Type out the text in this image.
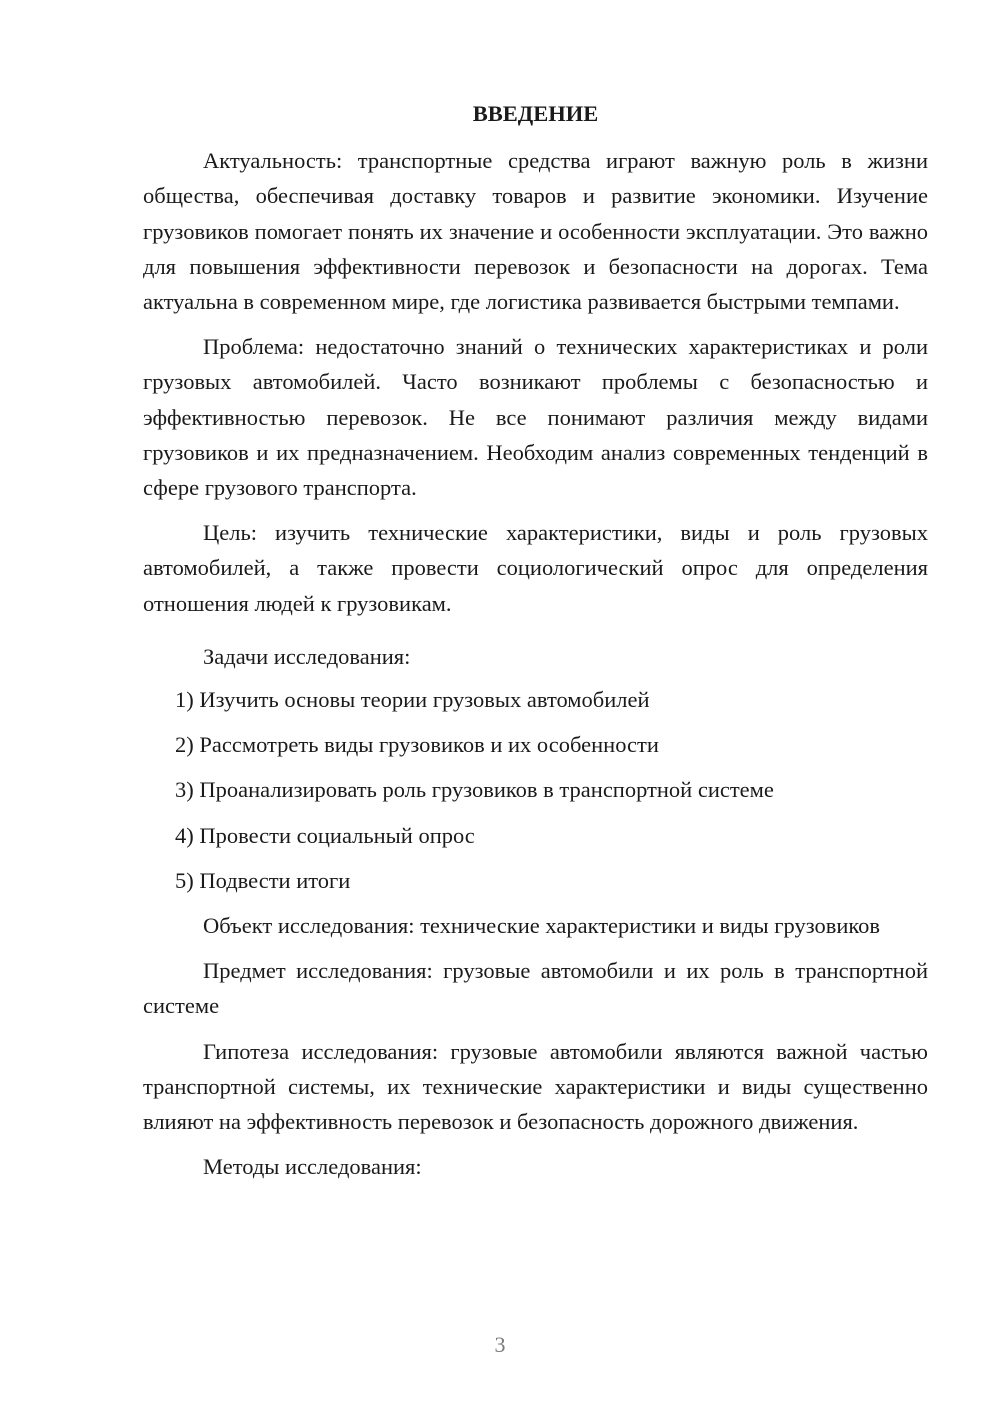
ВВЕДЕНИЕ

Актуальность: транспортные средства играют важную роль в жизни общества, обеспечивая доставку товаров и развитие экономики. Изучение грузовиков помогает понять их значение и особенности эксплуатации. Это важно для повышения эффективности перевозок и безопасности на дорогах. Тема актуальна в современном мире, где логистика развивается быстрыми темпами.

Проблема: недостаточно знаний о технических характеристиках и роли грузовых автомобилей. Часто возникают проблемы с безопасностью и эффективностью перевозок. Не все понимают различия между видами грузовиков и их предназначением. Необходим анализ современных тенденций в сфере грузового транспорта.

Цель: изучить технические характеристики, виды и роль грузовых автомобилей, а также провести социологический опрос для определения отношения людей к грузовикам.

Задачи исследования:

1) Изучить основы теории грузовых автомобилей
2) Рассмотреть виды грузовиков и их особенности
3) Проанализировать роль грузовиков в транспортной системе
4) Провести социальный опрос
5) Подвести итоги

Объект исследования: технические характеристики и виды грузовиков

Предмет исследования: грузовые автомобили и их роль в транспортной системе

Гипотеза исследования: грузовые автомобили являются важной частью транспортной системы, их технические характеристики и виды существенно влияют на эффективность перевозок и безопасность дорожного движения.

Методы исследования:

3
